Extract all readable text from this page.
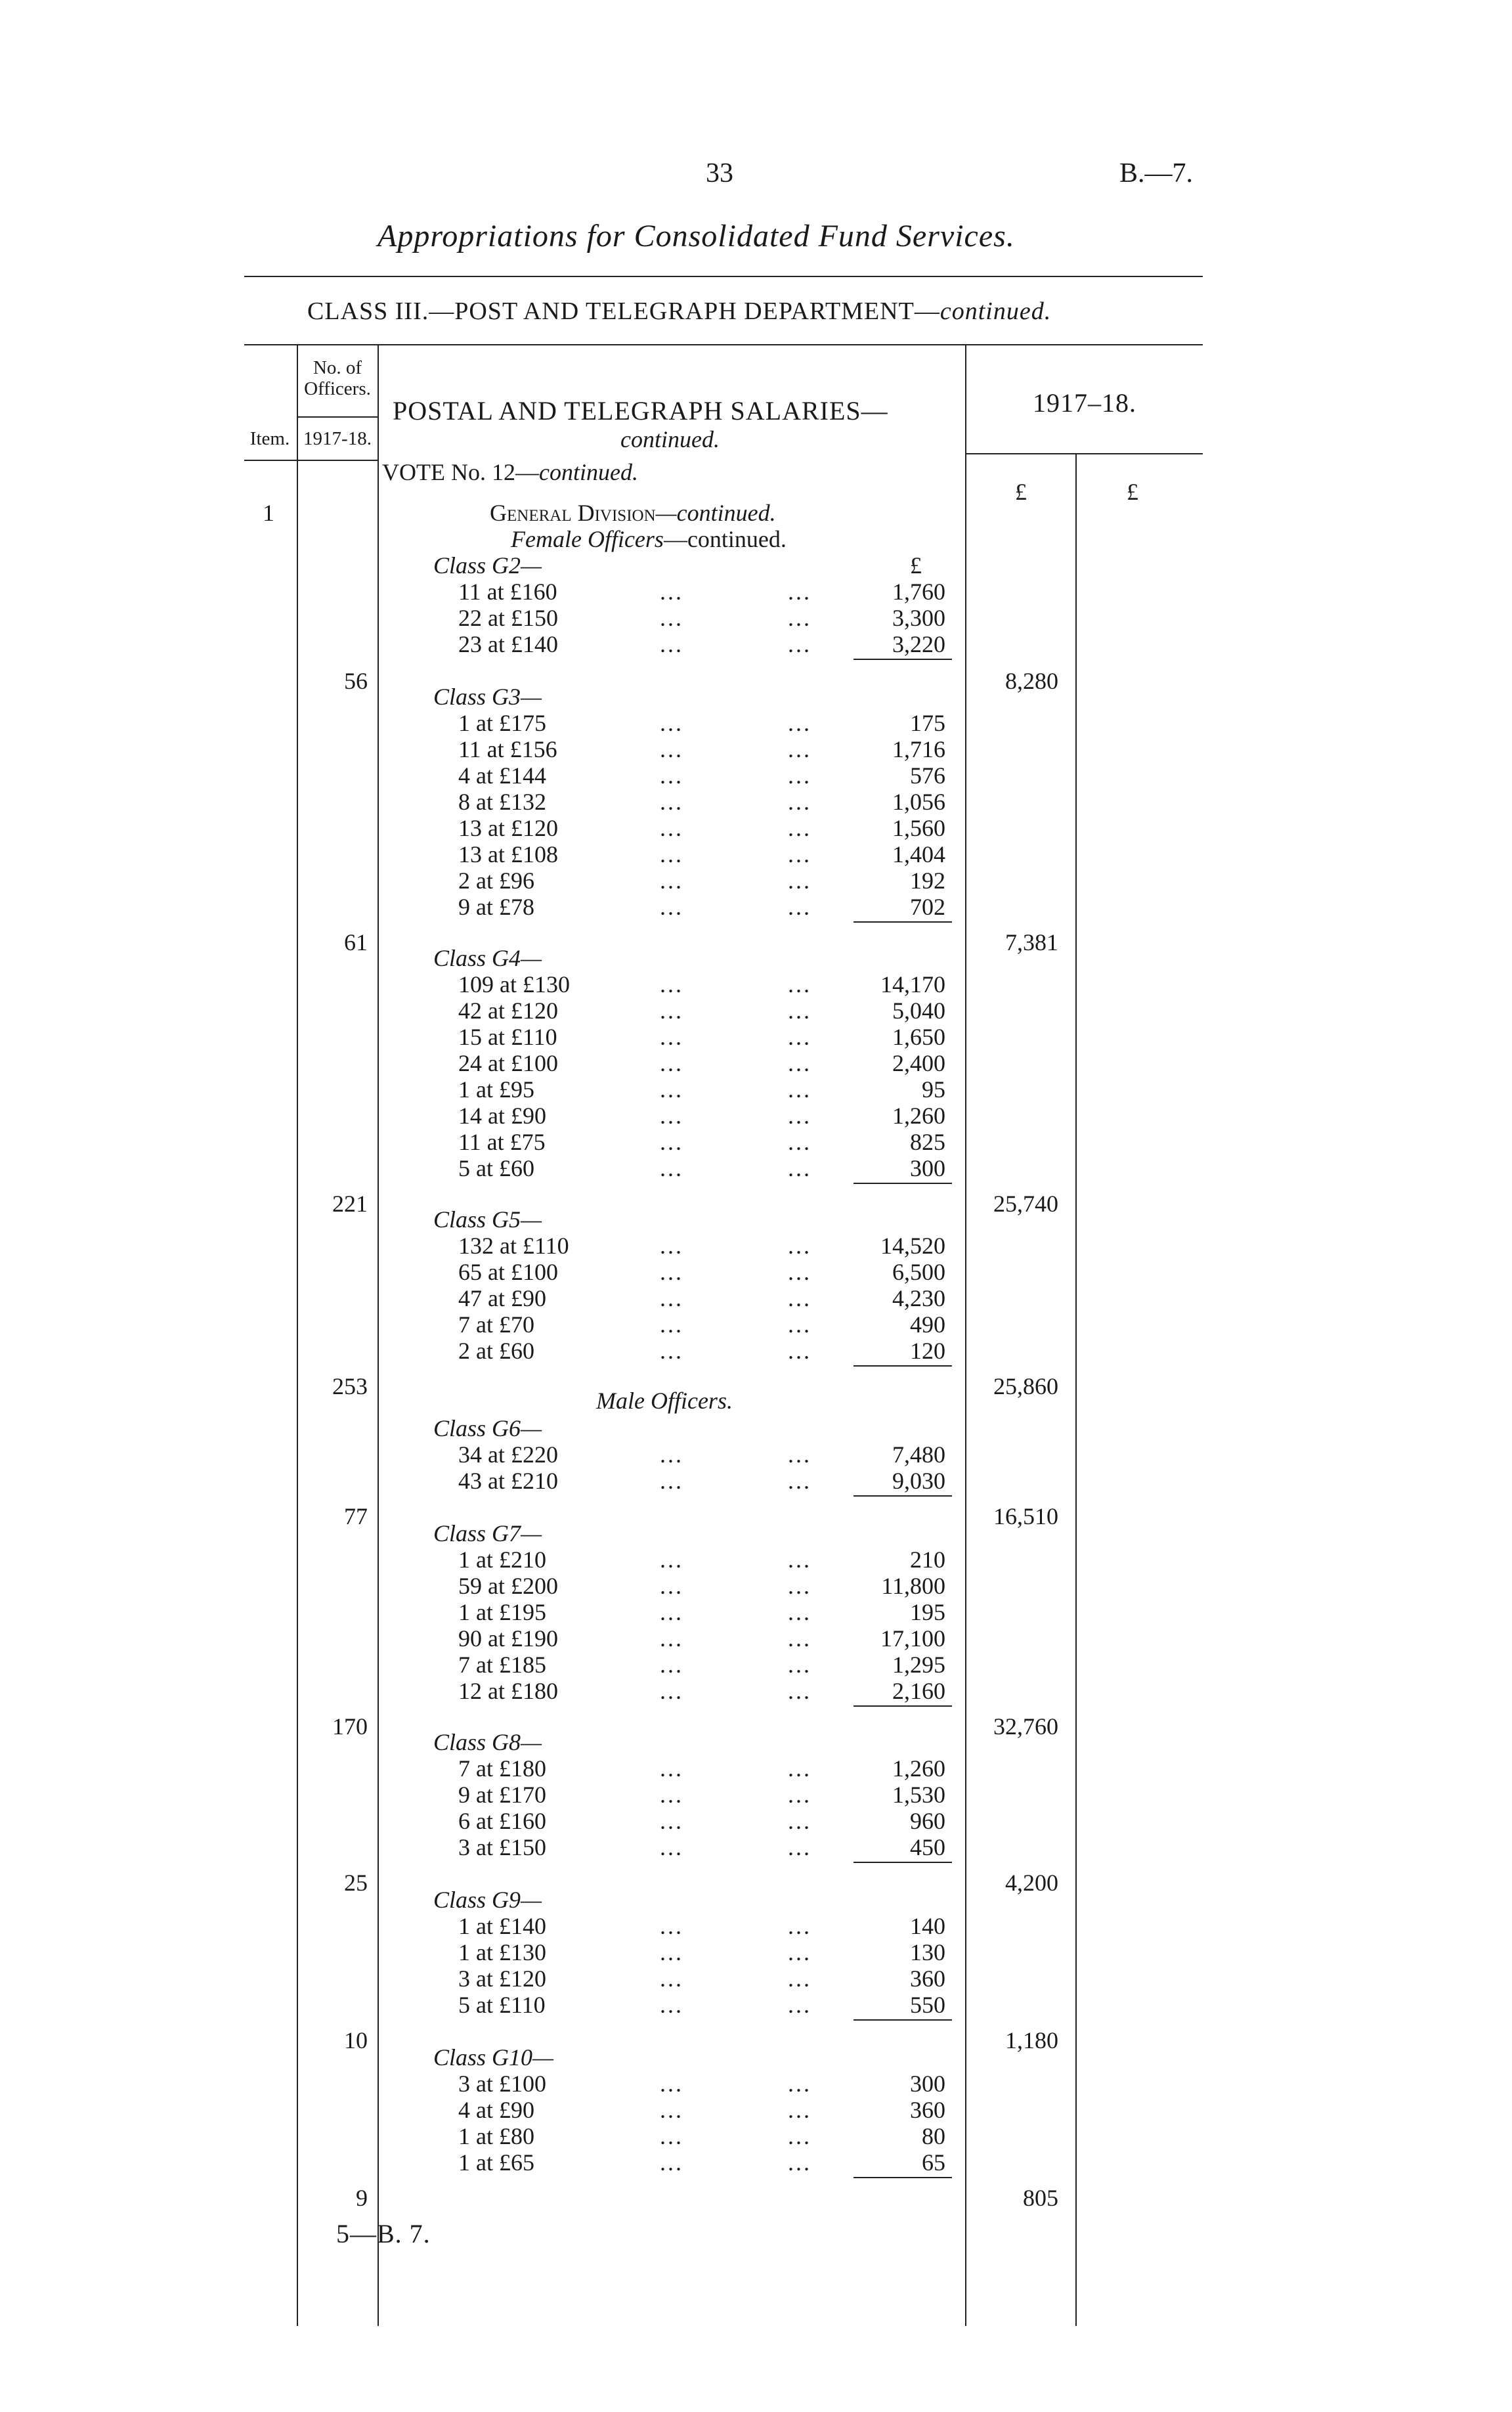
33	B.—7.
Appropriations for Consolidated Fund Services.
CLASS III.—POST AND TELEGRAPH DEPARTMENT—continued.
No. of Officers.
1917-18.
Item.
POSTAL AND TELEGRAPH SALARIES—
continued.
1917–18.
VOTE No. 12—continued.
£	£
1	General Division—continued.
Female Officers—continued.
£
Class G2—
11 at £160	...	...	1,760
22 at £150	...	...	3,300
23 at £140	...	...	3,220
56	8,280
Class G3—
1 at £175	...	...	175
11 at £156	...	...	1,716
4 at £144	...	...	576
8 at £132	...	...	1,056
13 at £120	...	...	1,560
13 at £108	...	...	1,404
2 at £96	...	...	192
9 at £78	...	...	702
61	7,381
Class G4—
109 at £130	...	...	14,170
42 at £120	...	...	5,040
15 at £110	...	...	1,650
24 at £100	...	...	2,400
1 at £95	...	...	95
14 at £90	...	...	1,260
11 at £75	...	...	825
5 at £60	...	...	300
221	25,740
Class G5—
132 at £110	...	...	14,520
65 at £100	...	...	6,500
47 at £90	...	...	4,230
7 at £70	...	...	490
2 at £60	...	...	120
253	25,860
Class G6—
34 at £220	...	...	7,480
43 at £210	...	...	9,030
77	16,510
Class G7—
1 at £210	...	...	210
59 at £200	...	...	11,800
1 at £195	...	...	195
90 at £190	...	...	17,100
7 at £185	...	...	1,295
12 at £180	...	...	2,160
170	32,760
Class G8—
7 at £180	...	...	1,260
9 at £170	...	...	1,530
6 at £160	...	...	960
3 at £150	...	...	450
25	4,200
Class G9—
1 at £140	...	...	140
1 at £130	...	...	130
3 at £120	...	...	360
5 at £110	...	...	550
10	1,180
Class G10—
3 at £100	...	...	300
4 at £90	...	...	360
1 at £80	...	...	80
1 at £65	...	...	65
9	805
Male Officers.
5—B. 7.
